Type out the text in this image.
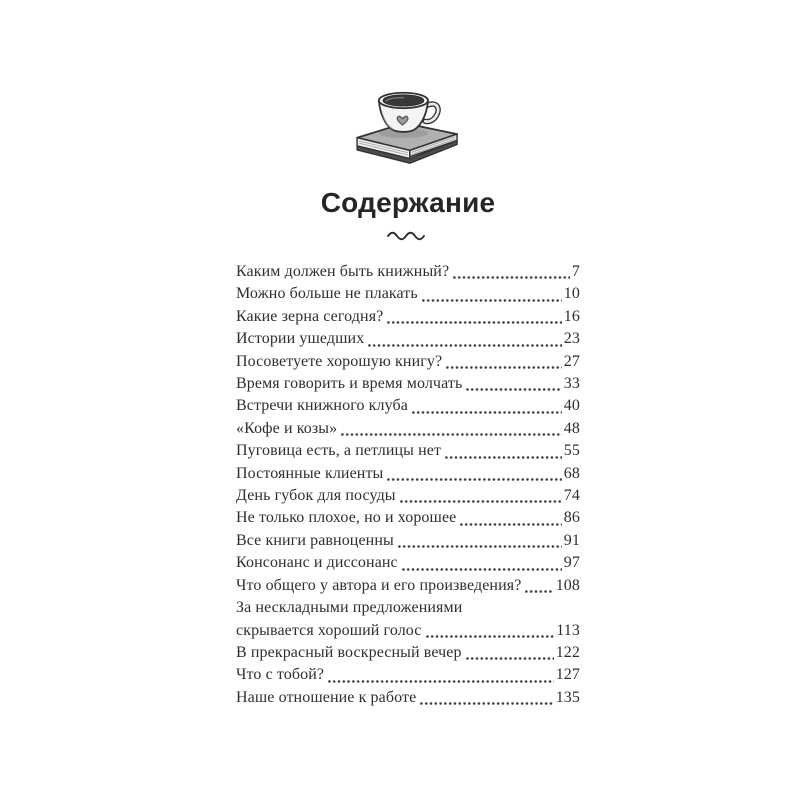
Содержание
Каким должен быть книжный?	7
Можно больше не плакать	10
Какие зерна сегодня?	16
Истории ушедших	23
Посоветуете хорошую книгу?	27
Время говорить и время молчать	33
Встречи книжного клуба	40
«Кофе и козы»	48
Пуговица есть, а петлицы нет	55
Постоянные клиенты	68
День губок для посуды	74
Не только плохое, но и хорошее	86
Все книги равноценны	91
Консонанс и диссонанс	97
Что общего у автора и его произведения? 108
За нескладными предложениями
скрывается хороший голос	113
В прекрасный воскресный вечер	122
Что с тобой?	127
Наше отношение к работе	135
